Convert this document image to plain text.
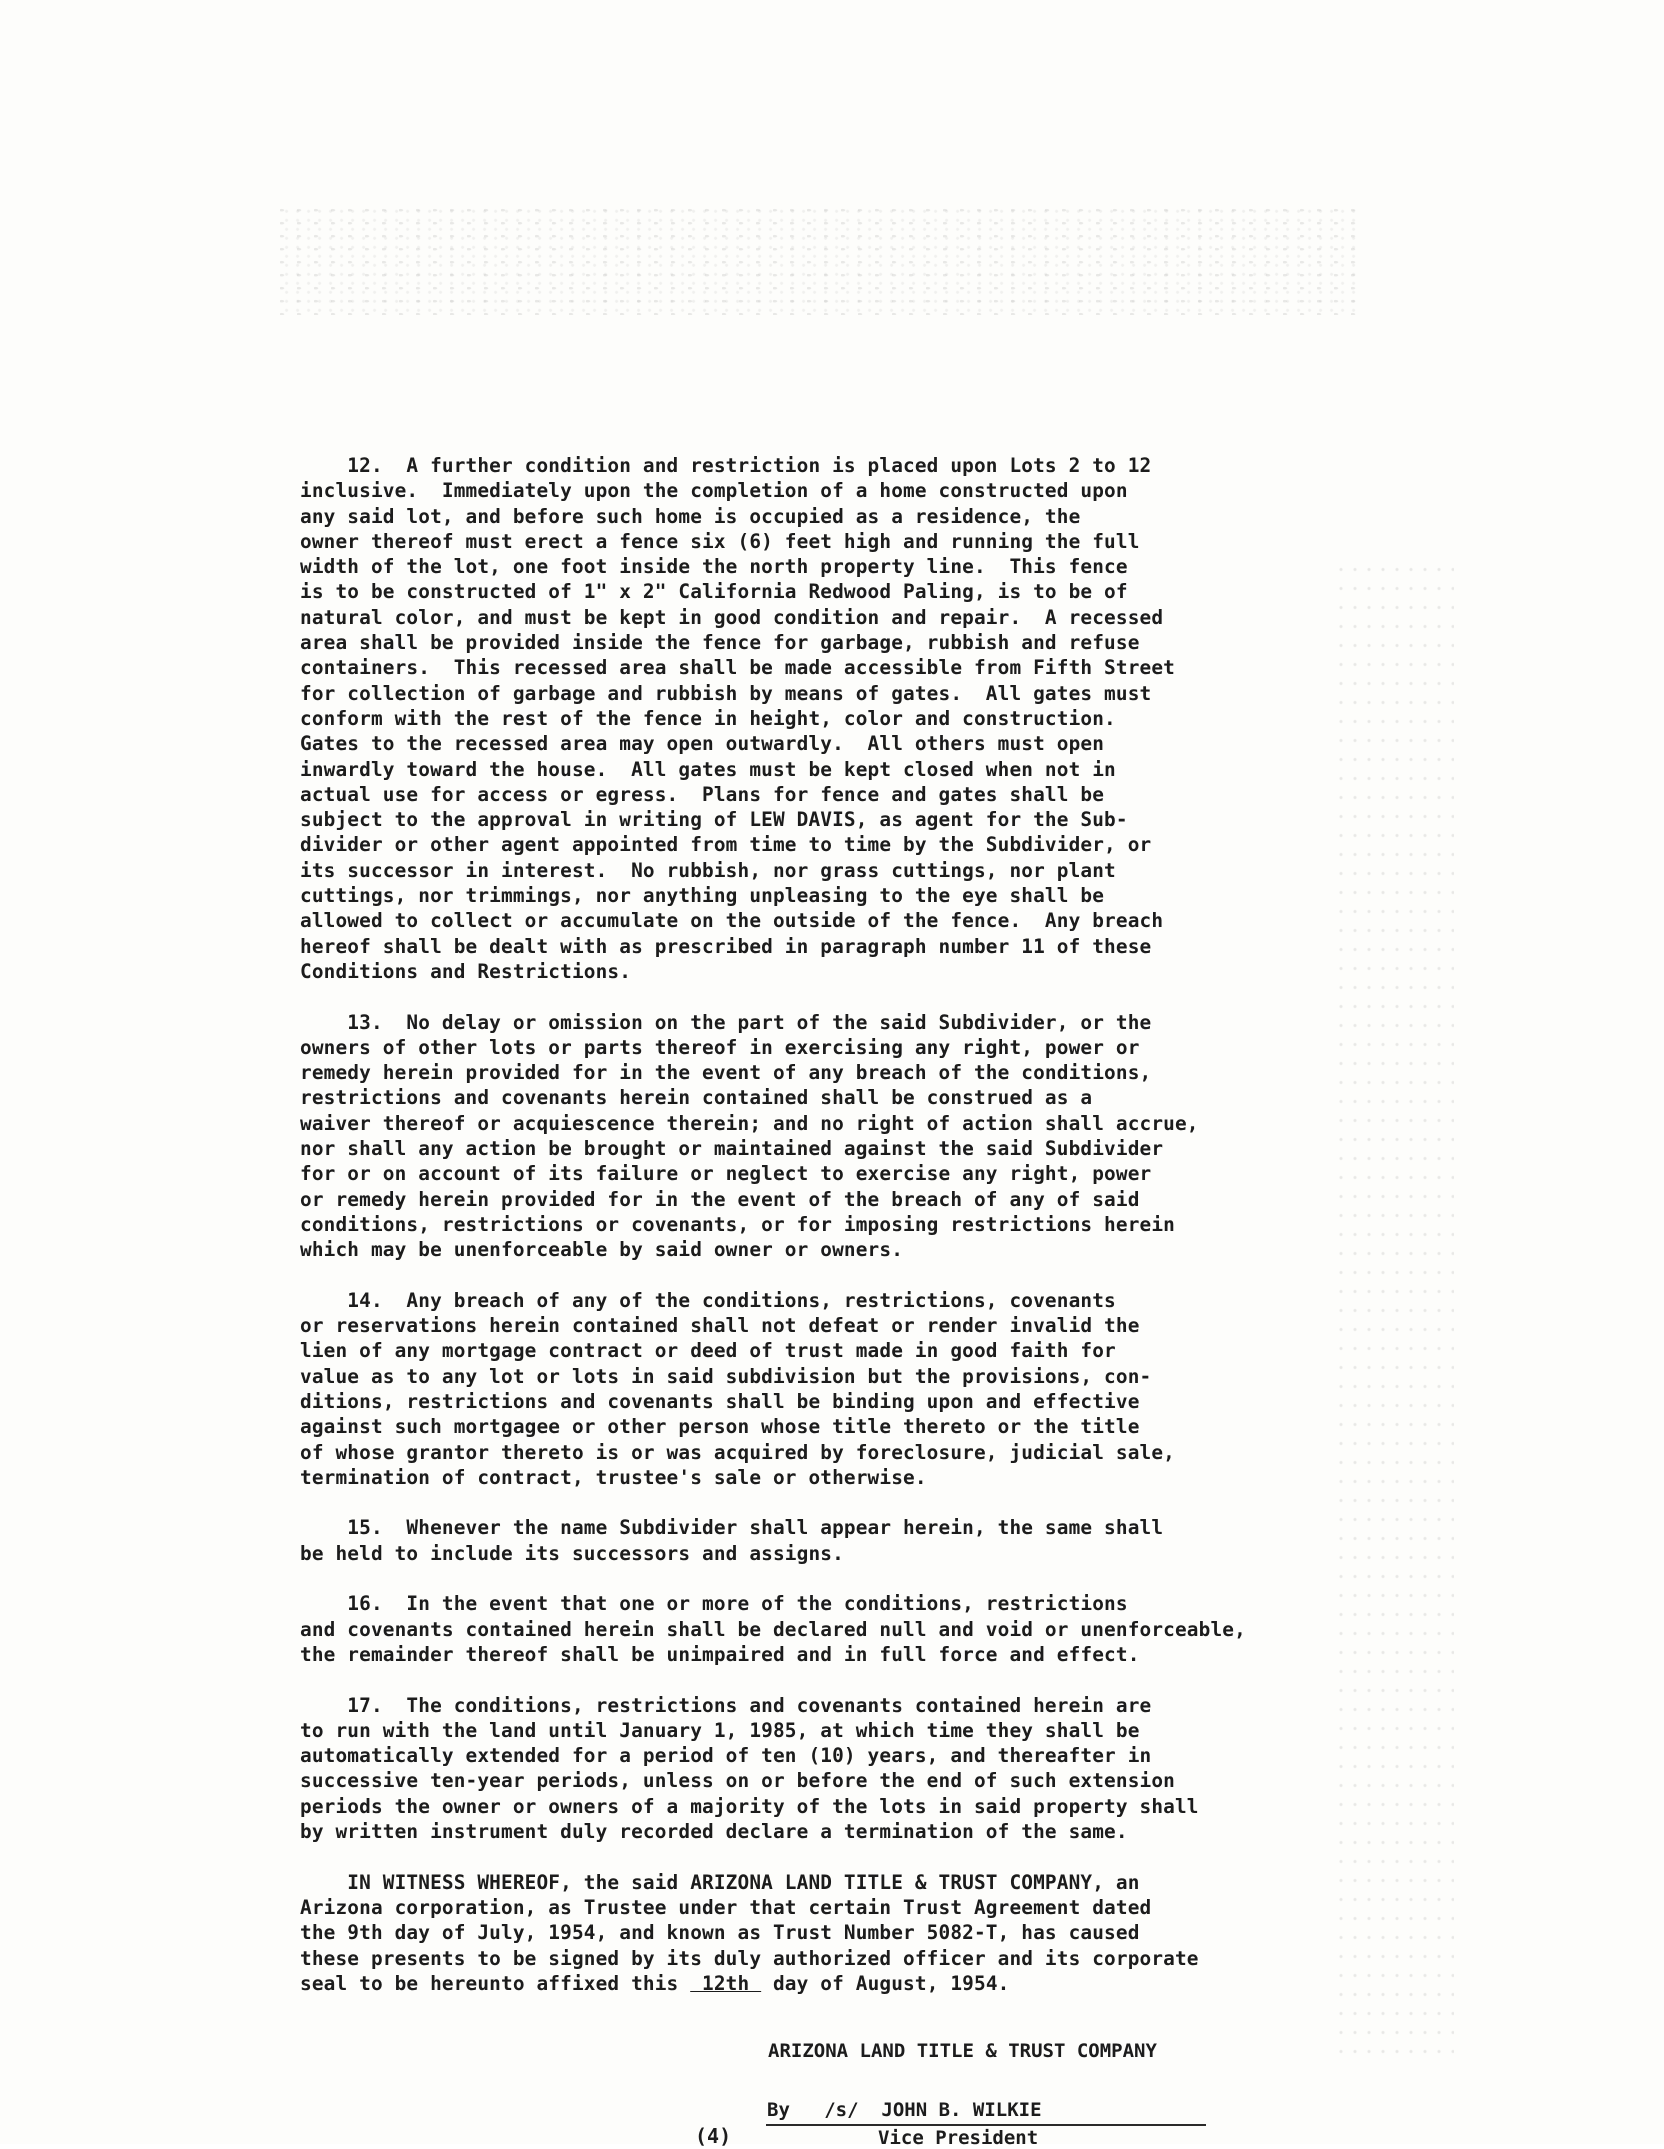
12.  A further condition and restriction is placed upon Lots 2 to 12
inclusive.  Immediately upon the completion of a home constructed upon
any said lot, and before such home is occupied as a residence, the
owner thereof must erect a fence six (6) feet high and running the full
width of the lot, one foot inside the north property line.  This fence
is to be constructed of 1" x 2" California Redwood Paling, is to be of
natural color, and must be kept in good condition and repair.  A recessed
area shall be provided inside the fence for garbage, rubbish and refuse
containers.  This recessed area shall be made accessible from Fifth Street
for collection of garbage and rubbish by means of gates.  All gates must
conform with the rest of the fence in height, color and construction.
Gates to the recessed area may open outwardly.  All others must open
inwardly toward the house.  All gates must be kept closed when not in
actual use for access or egress.  Plans for fence and gates shall be
subject to the approval in writing of LEW DAVIS, as agent for the Sub-
divider or other agent appointed from time to time by the Subdivider, or
its successor in interest.  No rubbish, nor grass cuttings, nor plant
cuttings, nor trimmings, nor anything unpleasing to the eye shall be
allowed to collect or accumulate on the outside of the fence.  Any breach
hereof shall be dealt with as prescribed in paragraph number 11 of these
Conditions and Restrictions.
13.  No delay or omission on the part of the said Subdivider, or the
owners of other lots or parts thereof in exercising any right, power or
remedy herein provided for in the event of any breach of the conditions,
restrictions and covenants herein contained shall be construed as a
waiver thereof or acquiescence therein; and no right of action shall accrue,
nor shall any action be brought or maintained against the said Subdivider
for or on account of its failure or neglect to exercise any right, power
or remedy herein provided for in the event of the breach of any of said
conditions, restrictions or covenants, or for imposing restrictions herein
which may be unenforceable by said owner or owners.
14.  Any breach of any of the conditions, restrictions, covenants
or reservations herein contained shall not defeat or render invalid the
lien of any mortgage contract or deed of trust made in good faith for
value as to any lot or lots in said subdivision but the provisions, con-
ditions, restrictions and covenants shall be binding upon and effective
against such mortgagee or other person whose title thereto or the title
of whose grantor thereto is or was acquired by foreclosure, judicial sale,
termination of contract, trustee's sale or otherwise.
15.  Whenever the name Subdivider shall appear herein, the same shall
be held to include its successors and assigns.
16.  In the event that one or more of the conditions, restrictions
and covenants contained herein shall be declared null and void or unenforceable,
the remainder thereof shall be unimpaired and in full force and effect.
17.  The conditions, restrictions and covenants contained herein are
to run with the land until January 1, 1985, at which time they shall be
automatically extended for a period of ten (10) years, and thereafter in
successive ten-year periods, unless on or before the end of such extension
periods the owner or owners of a majority of the lots in said property shall
by written instrument duly recorded declare a termination of the same.
IN WITNESS WHEREOF, the said ARIZONA LAND TITLE & TRUST COMPANY, an
Arizona corporation, as Trustee under that certain Trust Agreement dated
the 9th day of July, 1954, and known as Trust Number 5082-T, has caused
these presents to be signed by its duly authorized officer and its corporate
seal to be hereunto affixed this  12th  day of August, 1954.
ARIZONA LAND TITLE & TRUST COMPANY
By   /s/  JOHN B. WILKIE
(4)	Vice President
